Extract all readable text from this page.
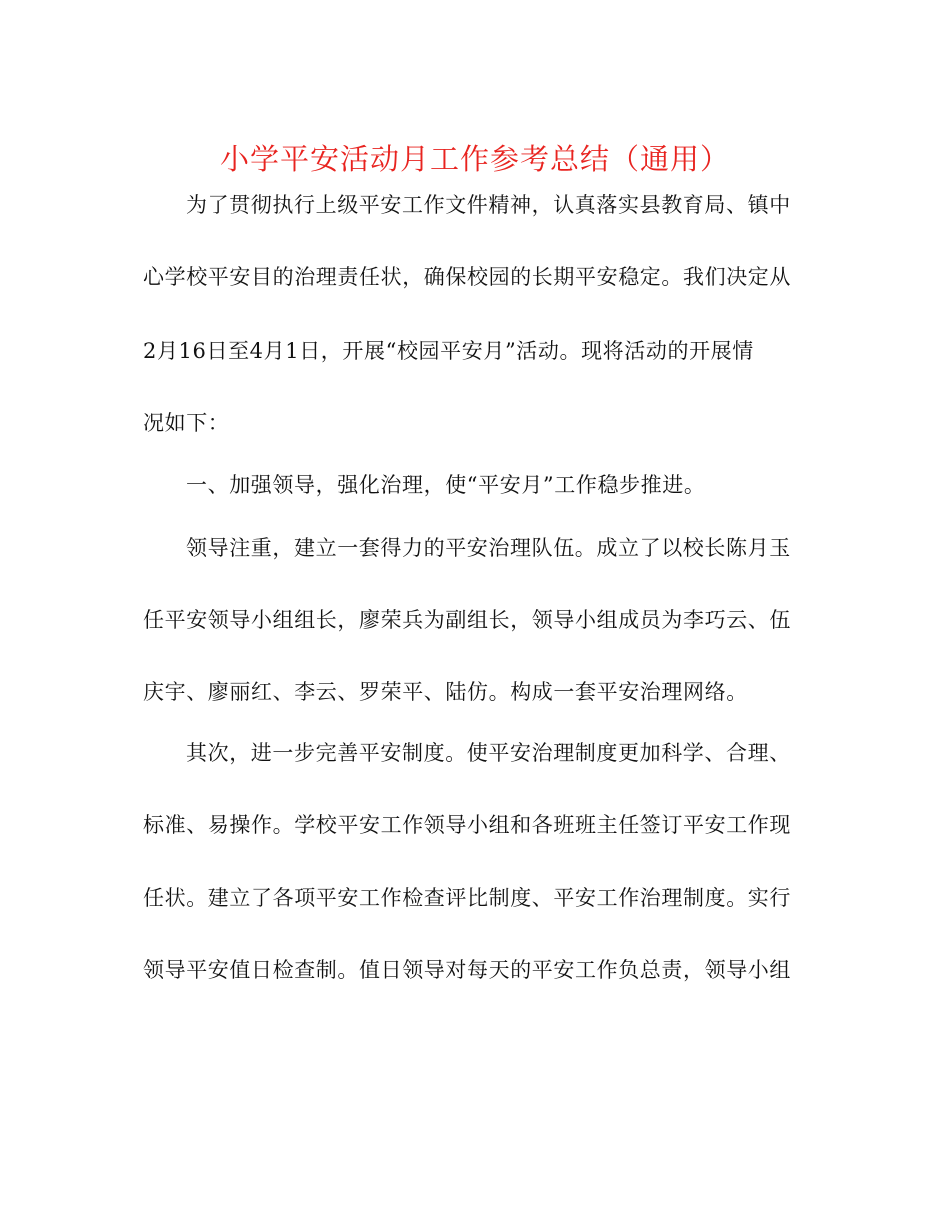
小学平安活动月工作参考总结（通用）
为了贯彻执行上级平安工作文件精神，认真落实县教育局、镇中
心学校平安目的治理责任状，确保校园的长期平安稳定。我们决定从
2月16日至4月1日，开展“校园平安月”活动。现将活动的开展情
况如下：
一、加强领导，强化治理，使“平安月”工作稳步推进。
领导注重，建立一套得力的平安治理队伍。成立了以校长陈月玉
任平安领导小组组长，廖荣兵为副组长，领导小组成员为李巧云、伍
庆宇、廖丽红、李云、罗荣平、陆仿。构成一套平安治理网络。
其次，进一步完善平安制度。使平安治理制度更加科学、合理、
标准、易操作。学校平安工作领导小组和各班班主任签订平安工作现
任状。建立了各项平安工作检查评比制度、平安工作治理制度。实行
领导平安值日检查制。值日领导对每天的平安工作负总责，领导小组
